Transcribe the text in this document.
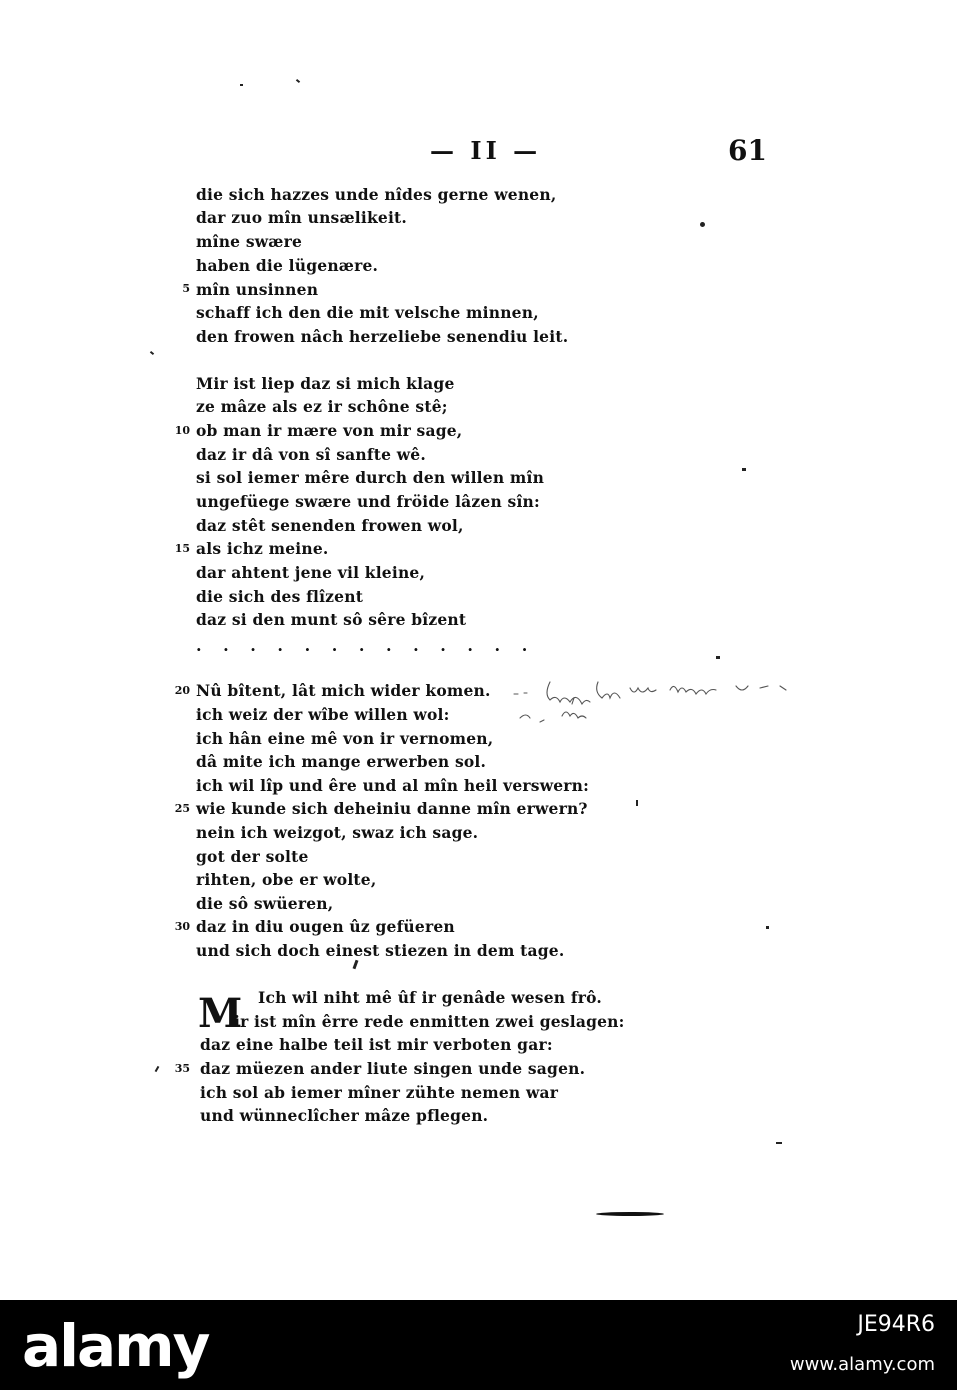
— II —	61
die sich hazzes unde nîdes gerne wenen,
dar zuo mîn unsælikeit.
mîne swære
haben die lügenære.
5 mîn unsinnen
schaff ich den die mit velsche minnen,
den frowen nâch herzeliebe senendiu leit.
Mir ist liep daz si mich klage
ze mâze als ez ir schône stê;
10 ob man ir mære von mir sage,
daz ir dâ von sî sanfte wê.
si sol iemer mêre durch den willen mîn
ungefüege swære und fröide lâzen sîn:
daz stêt senenden frowen wol,
15 als ichz meine.
dar ahtent jene vil kleine,
die sich des flîzent
daz si den munt sô sêre bîzent
. . . . . . . . . . . . .
20 Nû bîtent, lât mich wider komen.
ich weiz der wîbe willen wol:
ich hân eine mê von ir vernomen,
dâ mite ich mange erwerben sol.
ich wil lîp und êre und al mîn heil verswern:
25 wie kunde sich deheiniu danne mîn erwern?
nein ich weizgot, swaz ich sage.
got der solte
rihten, obe er wolte,
die sô swüeren,
30 daz in diu ougen ûz gefüeren
und sich doch einest stiezen in dem tage.
Ich wil niht mê ûf ir genâde wesen frô.
M
ir ist mîn êrre rede enmitten zwei geslagen:
daz eine halbe teil ist mir verboten gar:
35 daz müezen ander liute singen unde sagen.
ich sol ab iemer mîner zühte nemen war
und wünneclîcher mâze pflegen.
alamy	JE94R6
www.alamy.com
